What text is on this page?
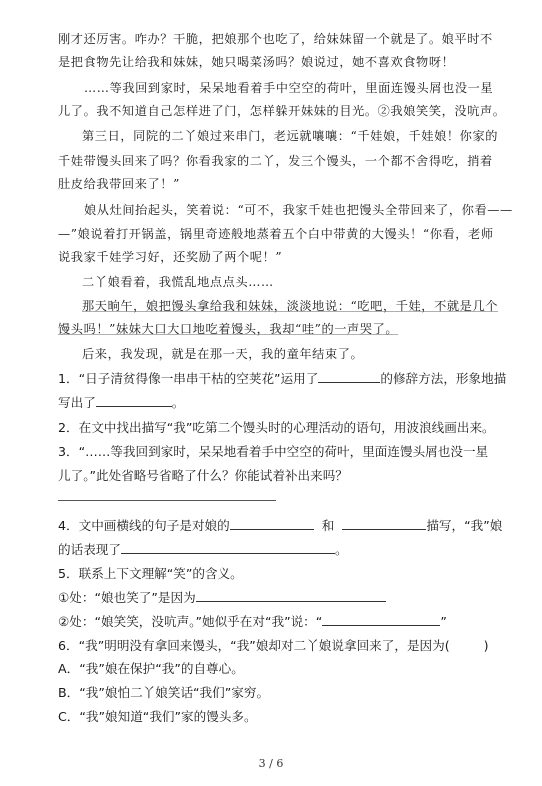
刚才还厉害。咋办？干脆，把娘那个也吃了，给妹妹留一个就是了。娘平时不
是把食物先让给我和妹妹，她只喝菜汤吗？娘说过，她不喜欢食物呀！
……等我回到家时，呆呆地看着手中空空的荷叶，里面连馒头屑也没一星
儿了。我不知道自己怎样进了门，怎样躲开妹妹的目光。②我娘笑笑，没吭声。
第三日，同院的二丫娘过来串门，老远就嚷嚷：“千娃娘，千娃娘！你家的
千娃带馒头回来了吗？你看我家的二丫，发三个馒头，一个都不舍得吃，捎着
肚皮给我带回来了！”
娘从灶间抬起头，笑着说：“可不，我家千娃也把馒头全带回来了，你看——
—”娘说着打开锅盖，锅里奇迹般地蒸着五个白中带黄的大馒头！“你看，老师
说我家千娃学习好，还奖励了两个呢！”
二丫娘看着，我慌乱地点点头……
那天晌午，娘把馒头拿给我和妹妹，淡淡地说：“吃吧，千娃，不就是几个
馒头吗！”妹妹大口大口地吃着馒头，我却“哇”的一声哭了。
后来，我发现，就是在那一天，我的童年结束了。
1．“日子清贫得像一串串干枯的空荚花”运用了	的修辞方法，形象地描
写出了	。
2．在文中找出描写“我”吃第二个馒头时的心理活动的语句，用波浪线画出来。
3．“……等我回到家时，呆呆地看着手中空空的荷叶，里面连馒头屑也没一星
儿了。”此处省略号省略了什么？你能试着补出来吗？
4．文中画横线的句子是对娘的	和	描写，“我”娘
的话表现了	。
5．联系上下文理解“笑”的含义。
①处：“娘也笑了”是因为
②处：“娘笑笑，没吭声。”她似乎在对“我”说：“	”
6．“我”明明没有拿回来馒头，“我”娘却对二丫娘说拿回来了，是因为(	)
A．“我”娘在保护“我”的自尊心。
B．“我”娘怕二丫娘笑话“我们”家穷。
C．“我”娘知道“我们”家的馒头多。
3 / 6
